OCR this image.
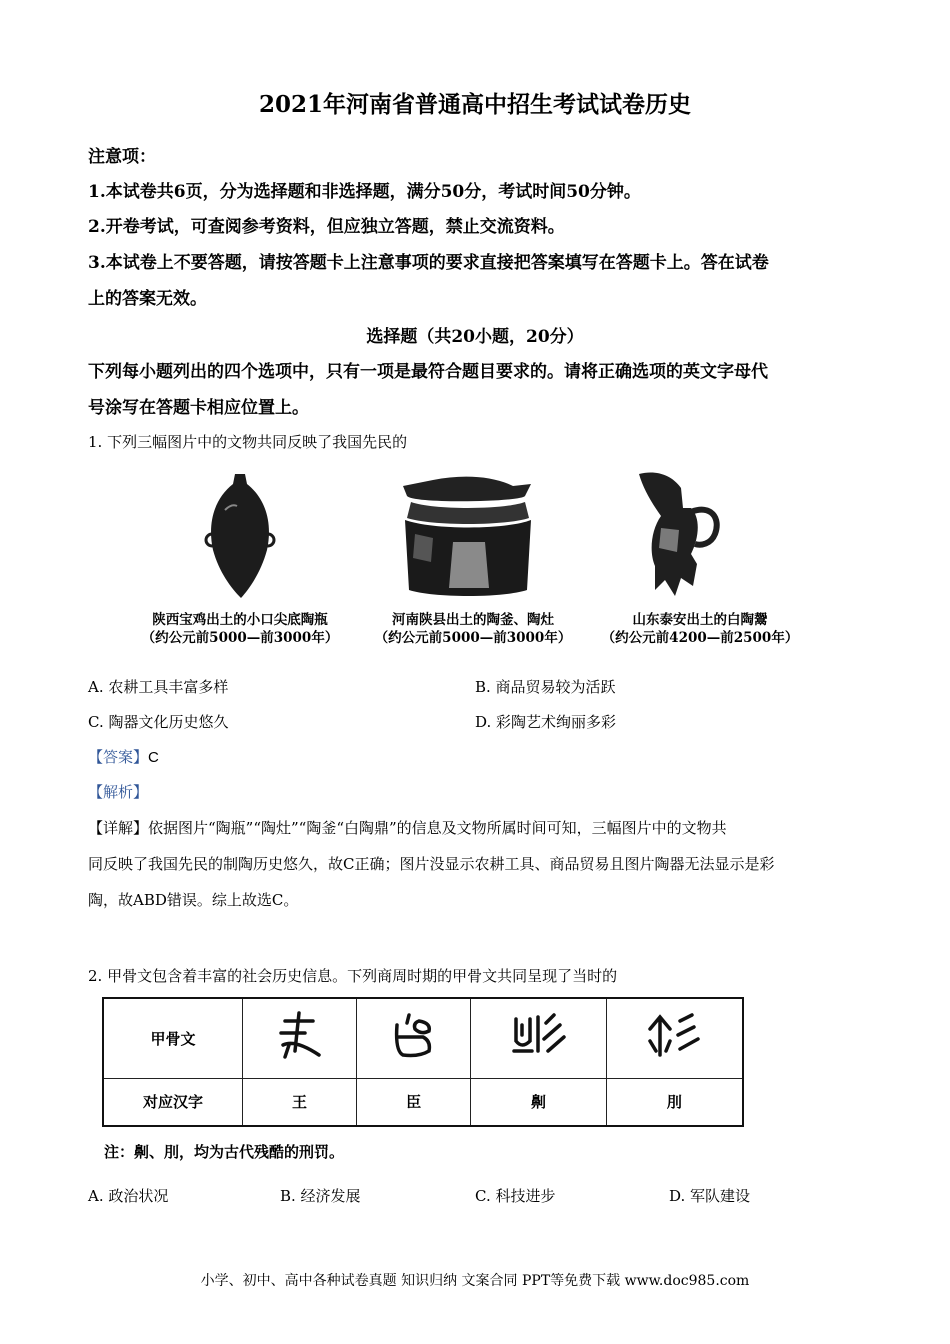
2021年河南省普通高中招生考试试卷历史
注意项：
1.本试卷共6页，分为选择题和非选择题，满分50分，考试时间50分钟。
2.开卷考试，可查阅参考资料，但应独立答题，禁止交流资料。
3.本试卷上不要答题，请按答题卡上注意事项的要求直接把答案填写在答题卡上。答在试卷
上的答案无效。
选择题（共20小题，20分）
下列每小题列出的四个选项中，只有一项是最符合题目要求的。请将正确选项的英文字母代
号涂写在答题卡相应位置上。
1. 下列三幅图片中的文物共同反映了我国先民的
陕西宝鸡出土的小口尖底陶瓶
（约公元前5000—前3000年）
河南陕县出土的陶釜、陶灶
（约公元前5000—前3000年）
山东泰安出土的白陶鬶
（约公元前4200—前2500年）
A. 农耕工具丰富多样	B. 商品贸易较为活跃
C. 陶器文化历史悠久	D. 彩陶艺术绚丽多彩
【答案】C
【解析】
【详解】依据图片“陶瓶”“陶灶”“陶釜“白陶鼎”的信息及文物所属时间可知，三幅图片中的文物共
同反映了我国先民的制陶历史悠久，故C正确；图片没显示农耕工具、商品贸易且图片陶器无法显示是彩
陶，故ABD错误。综上故选C。
2. 甲骨文包含着丰富的社会历史信息。下列商周时期的甲骨文共同呈现了当时的
甲骨文				
对应汉字	王	臣	劓	刖
注：劓、刖，均为古代残酷的刑罚。
A. 政治状况	B. 经济发展	C. 科技进步	D. 军队建设
小学、初中、高中各种试卷真题 知识归纳 文案合同 PPT等免费下载 www.doc985.com
